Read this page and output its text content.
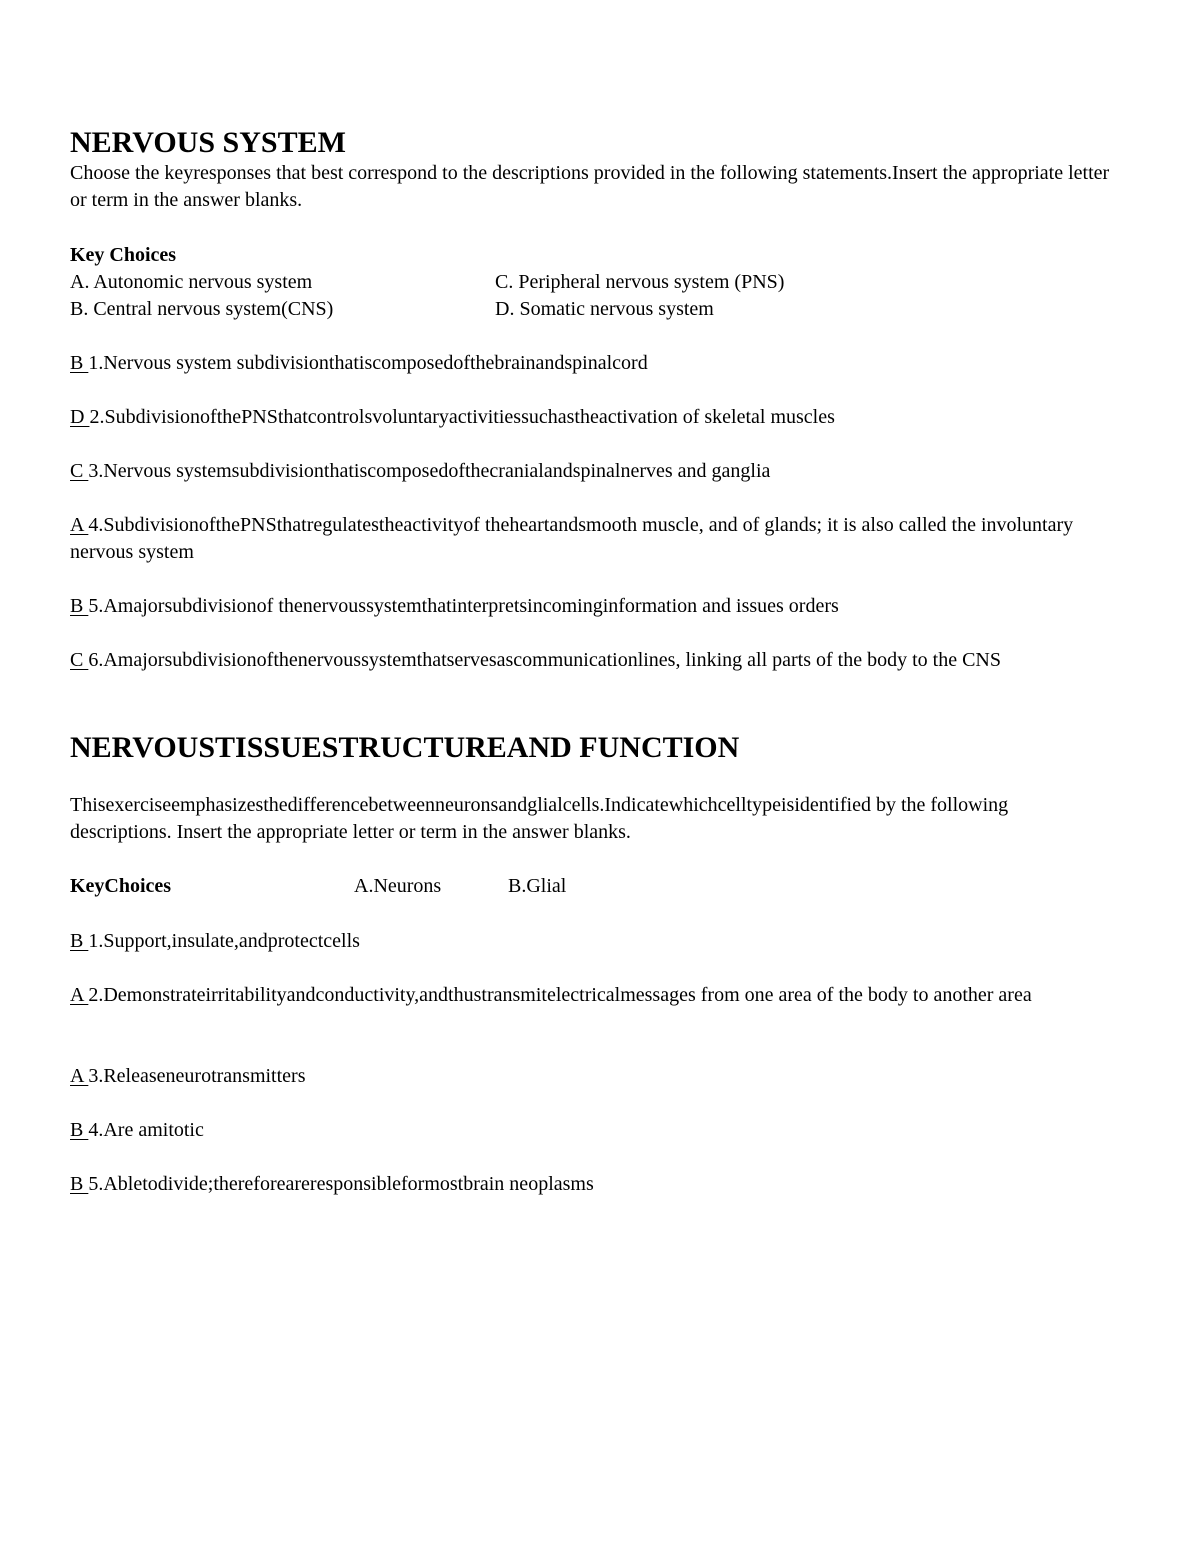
NERVOUS SYSTEM
Choose the keyresponses that best correspond to the descriptions provided in the following statements.Insert the appropriate letter or term in the answer blanks.
Key Choices
A. Autonomic nervous system	C. Peripheral nervous system (PNS)
B. Central nervous system(CNS)	D. Somatic nervous system
B 1.Nervous system subdivisionthatiscomposedofthebrainandspinalcord
D 2.SubdivisionofthePNSthatcontrolsvoluntaryactivitiessuchastheactivation of skeletal muscles
C 3.Nervous systemsubdivisionthatiscomposedofthecranialandspinalnerves and ganglia
A 4.SubdivisionofthePNSthatregulatestheactivityof theheartandsmooth muscle, and of glands; it is also called the involuntary nervous system
B 5.Amajorsubdivisionof thenervoussystemthatinterpretsincominginformation and issues orders
C 6.Amajorsubdivisionofthenervoussystemthatservesascommunicationlines, linking all parts of the body to the CNS
NERVOUSTISSUESTRUCTUREAND FUNCTION
Thisexerciseemphasizesthedifferencebetweenneuronsandglialcells.Indicatewhichcelltypeisidentified by the following descriptions. Insert the appropriate letter or term in the answer blanks.
KeyChoices	A.Neurons	B.Glial
B 1.Support,insulate,andprotectcells
A 2.Demonstrateirritabilityandconductivity,andthustransmitelectricalmessages from one area of the body to another area
A 3.Releaseneurotransmitters
B 4.Are amitotic
B 5.Abletodivide;thereforeareresponsibleformostbrain neoplasms
